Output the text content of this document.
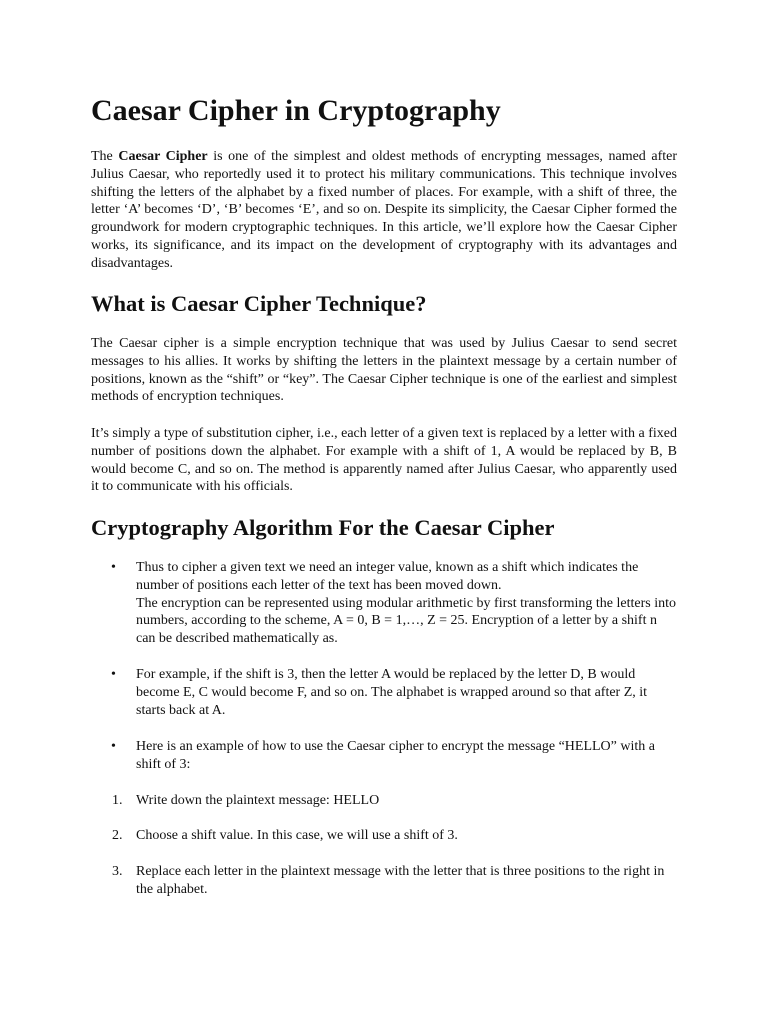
Caesar Cipher in Cryptography

The Caesar Cipher is one of the simplest and oldest methods of encrypting messages, named after Julius Caesar, who reportedly used it to protect his military communications. This technique involves shifting the letters of the alphabet by a fixed number of places. For example, with a shift of three, the letter ‘A’ becomes ‘D’, ‘B’ becomes ‘E’, and so on. Despite its simplicity, the Caesar Cipher formed the groundwork for modern cryptographic techniques. In this article, we’ll explore how the Caesar Cipher works, its significance, and its impact on the development of cryptography with its advantages and disadvantages.

What is Caesar Cipher Technique?

The Caesar cipher is a simple encryption technique that was used by Julius Caesar to send secret messages to his allies. It works by shifting the letters in the plaintext message by a certain number of positions, known as the “shift” or “key”. The Caesar Cipher technique is one of the earliest and simplest methods of encryption techniques.

It’s simply a type of substitution cipher, i.e., each letter of a given text is replaced by a letter with a fixed number of positions down the alphabet. For example with a shift of 1, A would be replaced by B, B would become C, and so on. The method is apparently named after Julius Caesar, who apparently used it to communicate with his officials.

Cryptography Algorithm For the Caesar Cipher
• Thus to cipher a given text we need an integer value, known as a shift which indicates the number of positions each letter of the text has been moved down.
The encryption can be represented using modular arithmetic by first transforming the letters into numbers, according to the scheme, A = 0, B = 1,…, Z = 25. Encryption of a letter by a shift n can be described mathematically as.
• For example, if the shift is 3, then the letter A would be replaced by the letter D, B would become E, C would become F, and so on. The alphabet is wrapped around so that after Z, it starts back at A.
• Here is an example of how to use the Caesar cipher to encrypt the message “HELLO” with a shift of 3:
1. Write down the plaintext message: HELLO
2. Choose a shift value. In this case, we will use a shift of 3.
3. Replace each letter in the plaintext message with the letter that is three positions to the right in the alphabet.
